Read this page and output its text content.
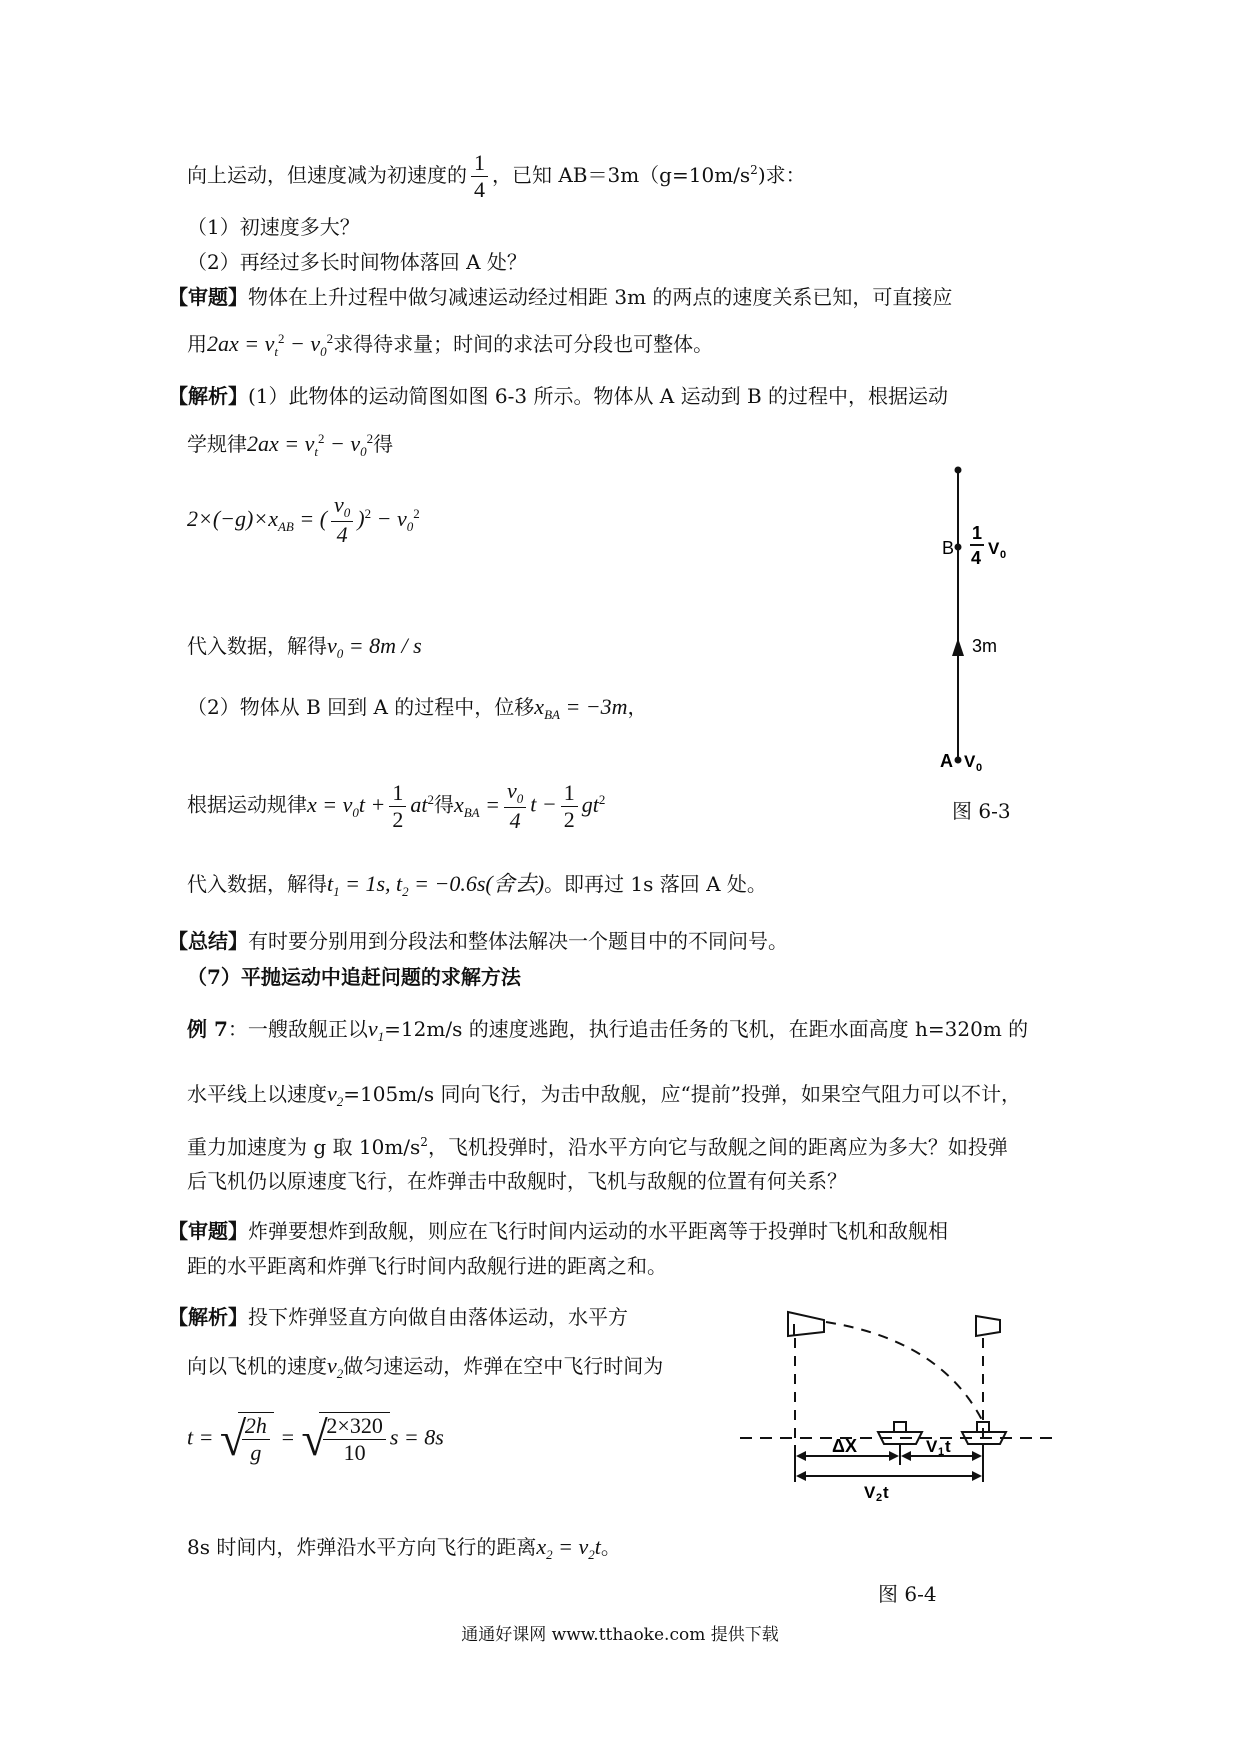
向上运动，但速度减为初速度的 $\frac{1}{4}$ ，已知 $AB=3m(g=10m/s^2)$求：
（1）初速度多大？
（2）再经过多长时间物体落回 A 处？
【审题】物体在上升过程中做匀减速运动经过相距 3m 的两点的速度关系已知，可直接应
用$2ax = v_t^2 - v_0^2$求得待求量；时间的求法可分段也可整体。
【解析】(1）此物体的运动简图如图 6-3 所示。物体从 A 运动到 B 的过程中，根据运动
学规律$2ax = v_t^2 - v_0^2$得
$2\times(-g)\times x_{AB}$ = ( $\frac{v_0}{4} )^2 - v_0^2$
代入数据，解得$v_0 = 8m / s$
（2）物体从 B 回到 A 的过程中，位移$x_{BA} = -3m$，
根据运动规律$x = v_0t + \frac{1}{2} at^2$得$x_{BA} = \frac{v_0}{4}$ $t - \frac{1}{2} gt^2$
代入数据，解得$t_1 = 1s$, $t_2 = -0.6s$(舍去)。即再过 1s 落回 A 处。
【总结】有时要分别用到分段法和整体法解决一个题目中的不同问号。
（7）平抛运动中追赶问题的求解方法
例 7：一艘敌舰正以$v_1=12m/s$ 的速度逃跑，执行追击任务的飞机，在距水面高度 h=320m 的
水平线上以速度$v_2=105m/s$ 同向飞行，为击中敌舰，应“提前”投弹，如果空气阻力可以不计，
重力加速度为 g 取 $10m/s^2$，飞机投弹时，沿水平方向它与敌舰之间的距离应为多大？如投弹
后飞机仍以原速度飞行，在炸弹击中敌舰时，飞机与敌舰的位置有何关系？
【审题】炸弹要想炸到敌舰，则应在飞行时间内运动的水平距离等于投弹时飞机和敌舰相
距的水平距离和炸弹飞行时间内敌舰行进的距离之和。
【解析】投下炸弹竖直方向做自由落体运动，水平方
向以飞机的速度$v_2$做匀速运动，炸弹在空中飞行时间为
t = √
$\frac{2h}{g}$ = √
$\frac{2\times 320}{10}$ s = 8s
8s 时间内，炸弹沿水平方向飞行的距离$x_2 = v_2t$。
B
1
4 V 0
3m
A V 0
图 6-3
ΔX	V 1 t
V 2 t
图 6-4
通通好课网 www.tthaoke.com 提供下载
